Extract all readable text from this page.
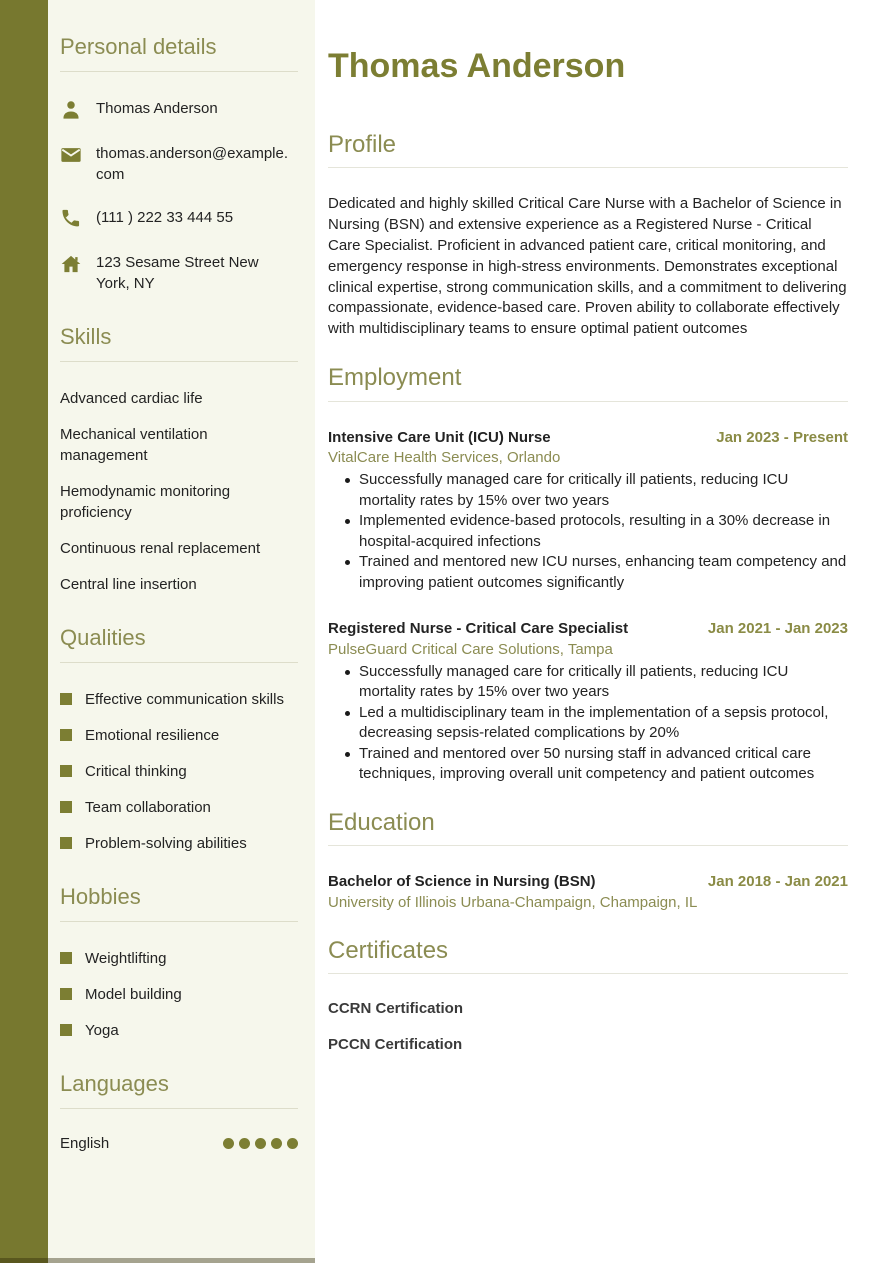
Personal details
Thomas Anderson
thomas.anderson@example.com
(111 ) 222 33 444 55
123 Sesame Street New York, NY
Skills
Advanced cardiac life
Mechanical ventilation management
Hemodynamic monitoring proficiency
Continuous renal replacement
Central line insertion
Qualities
Effective communication skills
Emotional resilience
Critical thinking
Team collaboration
Problem-solving abilities
Hobbies
Weightlifting
Model building
Yoga
Languages
English
Thomas Anderson
Profile

Dedicated and highly skilled Critical Care Nurse with a Bachelor of Science in Nursing (BSN) and extensive experience as a Registered Nurse - Critical Care Specialist. Proficient in advanced patient care, critical monitoring, and emergency response in high-stress environments. Demonstrates exceptional clinical expertise, strong communication skills, and a commitment to delivering compassionate, evidence-based care. Proven ability to collaborate effectively with multidisciplinary teams to ensure optimal patient outcomes

Employment
Intensive Care Unit (ICU) Nurse	Jan 2023 - Present
VitalCare Health Services, Orlando
Successfully managed care for critically ill patients, reducing ICU mortality rates by 15% over two years
Implemented evidence-based protocols, resulting in a 30% decrease in hospital-acquired infections
Trained and mentored new ICU nurses, enhancing team competency and improving patient outcomes significantly
Registered Nurse - Critical Care Specialist	Jan 2021 - Jan 2023
PulseGuard Critical Care Solutions, Tampa
Successfully managed care for critically ill patients, reducing ICU mortality rates by 15% over two years
Led a multidisciplinary team in the implementation of a sepsis protocol, decreasing sepsis-related complications by 20%
Trained and mentored over 50 nursing staff in advanced critical care techniques, improving overall unit competency and patient outcomes
Education
Bachelor of Science in Nursing (BSN)	Jan 2018 - Jan 2021
University of Illinois Urbana-Champaign, Champaign, IL
Certificates
CCRN Certification
PCCN Certification
